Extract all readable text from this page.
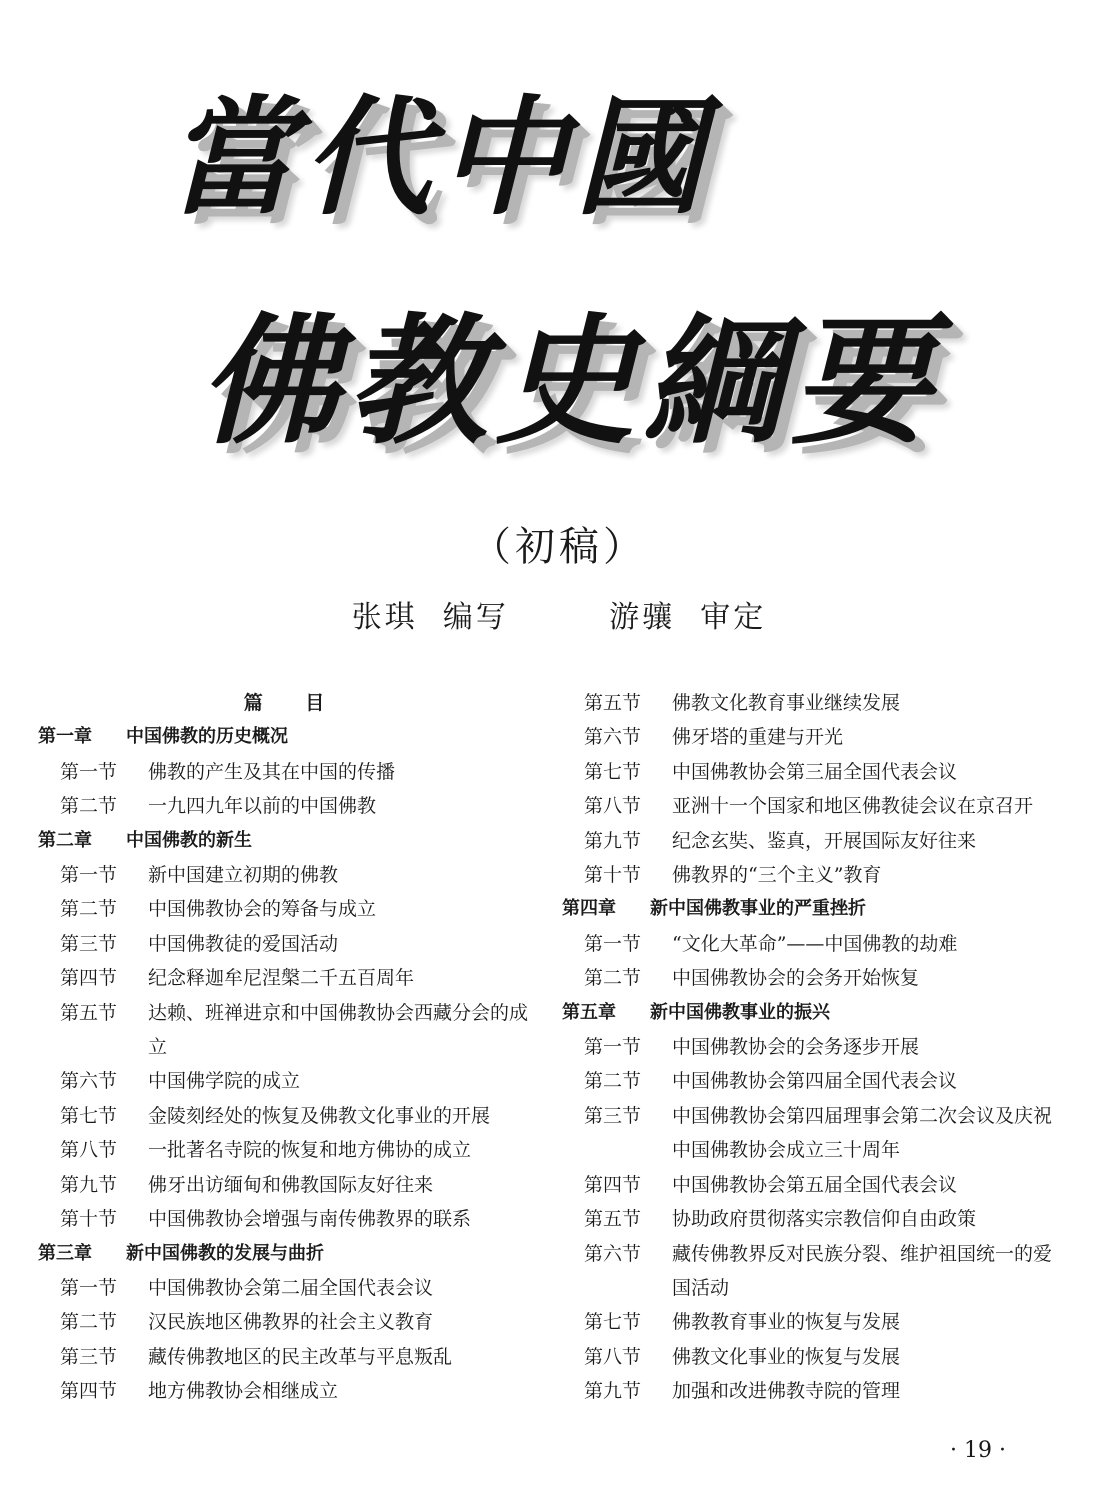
當代中國
佛教史綱要
（初稿）
张琪  编写        游骧  审定
篇 目
第一章 中国佛教的历史概况
第一节	佛教的产生及其在中国的传播
第二节	一九四九年以前的中国佛教
第二章 中国佛教的新生
第一节	新中国建立初期的佛教
第二节	中国佛教协会的筹备与成立
第三节	中国佛教徒的爱国活动
第四节	纪念释迦牟尼涅槃二千五百周年
第五节	达赖、班禅进京和中国佛教协会西藏分会的成立
第六节	中国佛学院的成立
第七节	金陵刻经处的恢复及佛教文化事业的开展
第八节	一批著名寺院的恢复和地方佛协的成立
第九节	佛牙出访缅甸和佛教国际友好往来
第十节	中国佛教协会增强与南传佛教界的联系
第三章 新中国佛教的发展与曲折
第一节	中国佛教协会第二届全国代表会议
第二节	汉民族地区佛教界的社会主义教育
第三节	藏传佛教地区的民主改革与平息叛乱
第四节	地方佛教协会相继成立
第五节	佛教文化教育事业继续发展
第六节	佛牙塔的重建与开光
第七节	中国佛教协会第三届全国代表会议
第八节	亚洲十一个国家和地区佛教徒会议在京召开
第九节	纪念玄奘、鉴真，开展国际友好往来
第十节	佛教界的“三个主义”教育
第四章 新中国佛教事业的严重挫折
第一节	“文化大革命”——中国佛教的劫难
第二节	中国佛教协会的会务开始恢复
第五章 新中国佛教事业的振兴
第一节	中国佛教协会的会务逐步开展
第二节	中国佛教协会第四届全国代表会议
第三节	中国佛教协会第四届理事会第二次会议及庆祝中国佛教协会成立三十周年
第四节	中国佛教协会第五届全国代表会议
第五节	协助政府贯彻落实宗教信仰自由政策
第六节	藏传佛教界反对民族分裂、维护祖国统一的爱国活动
第七节	佛教教育事业的恢复与发展
第八节	佛教文化事业的恢复与发展
第九节	加强和改进佛教寺院的管理
· 19 ·
